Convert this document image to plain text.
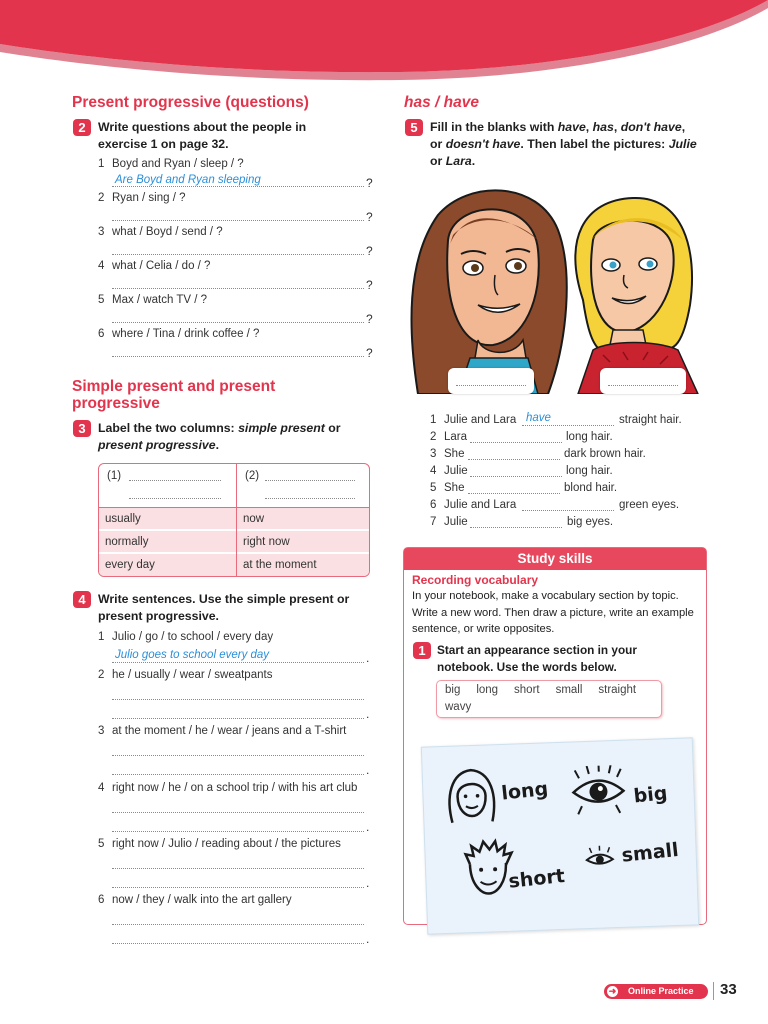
Present progressive (questions)
2	Write questions about the people in
exercise 1 on page 32.
1 Boyd and Ryan / sleep / ?
Are Boyd and Ryan sleeping	?
2 Ryan / sing / ?
?
3 what / Boyd / send / ?
?
4 what / Celia / do / ?
?
5 Max / watch TV / ?
?
6 where / Tina / drink coffee / ?
?
Simple present and present
progressive
3	Label the two columns: simple present or
present progressive.
(1)	(2)
usually	now
normally	right now
every day	at the moment
4	Write sentences. Use the simple present or
present progressive.
1 Julio / go / to school / every day
Julio goes to school every day	.
2 he / usually / wear / sweatpants
.
3 at the moment / he / wear / jeans and a T-shirt
.
4 right now / he / on a school trip / with his art club
.
5 right now / Julio / reading about / the pictures
.
6 now / they / walk into the art gallery
.
has / have
5	Fill in the blanks with have, has, don't have,
or doesn't have. Then label the pictures: Julie
or Lara.
1 Julie and Lara have	straight hair.
2 Lara	long hair.
3 She	dark brown hair.
4 Julie	long hair.
5 She	blond hair.
6 Julie and Lara	green eyes.
7 Julie	big eyes.
Study skills
Recording vocabulary
In your notebook, make a vocabulary section by topic.
Write a new word. Then draw a picture, write an example
sentence, or write opposites.
1 Start an appearance section in your
notebook. Use the words below.
big     long     short     small     straight
wavy
long	big
short
small
➜ Online Practice	33
